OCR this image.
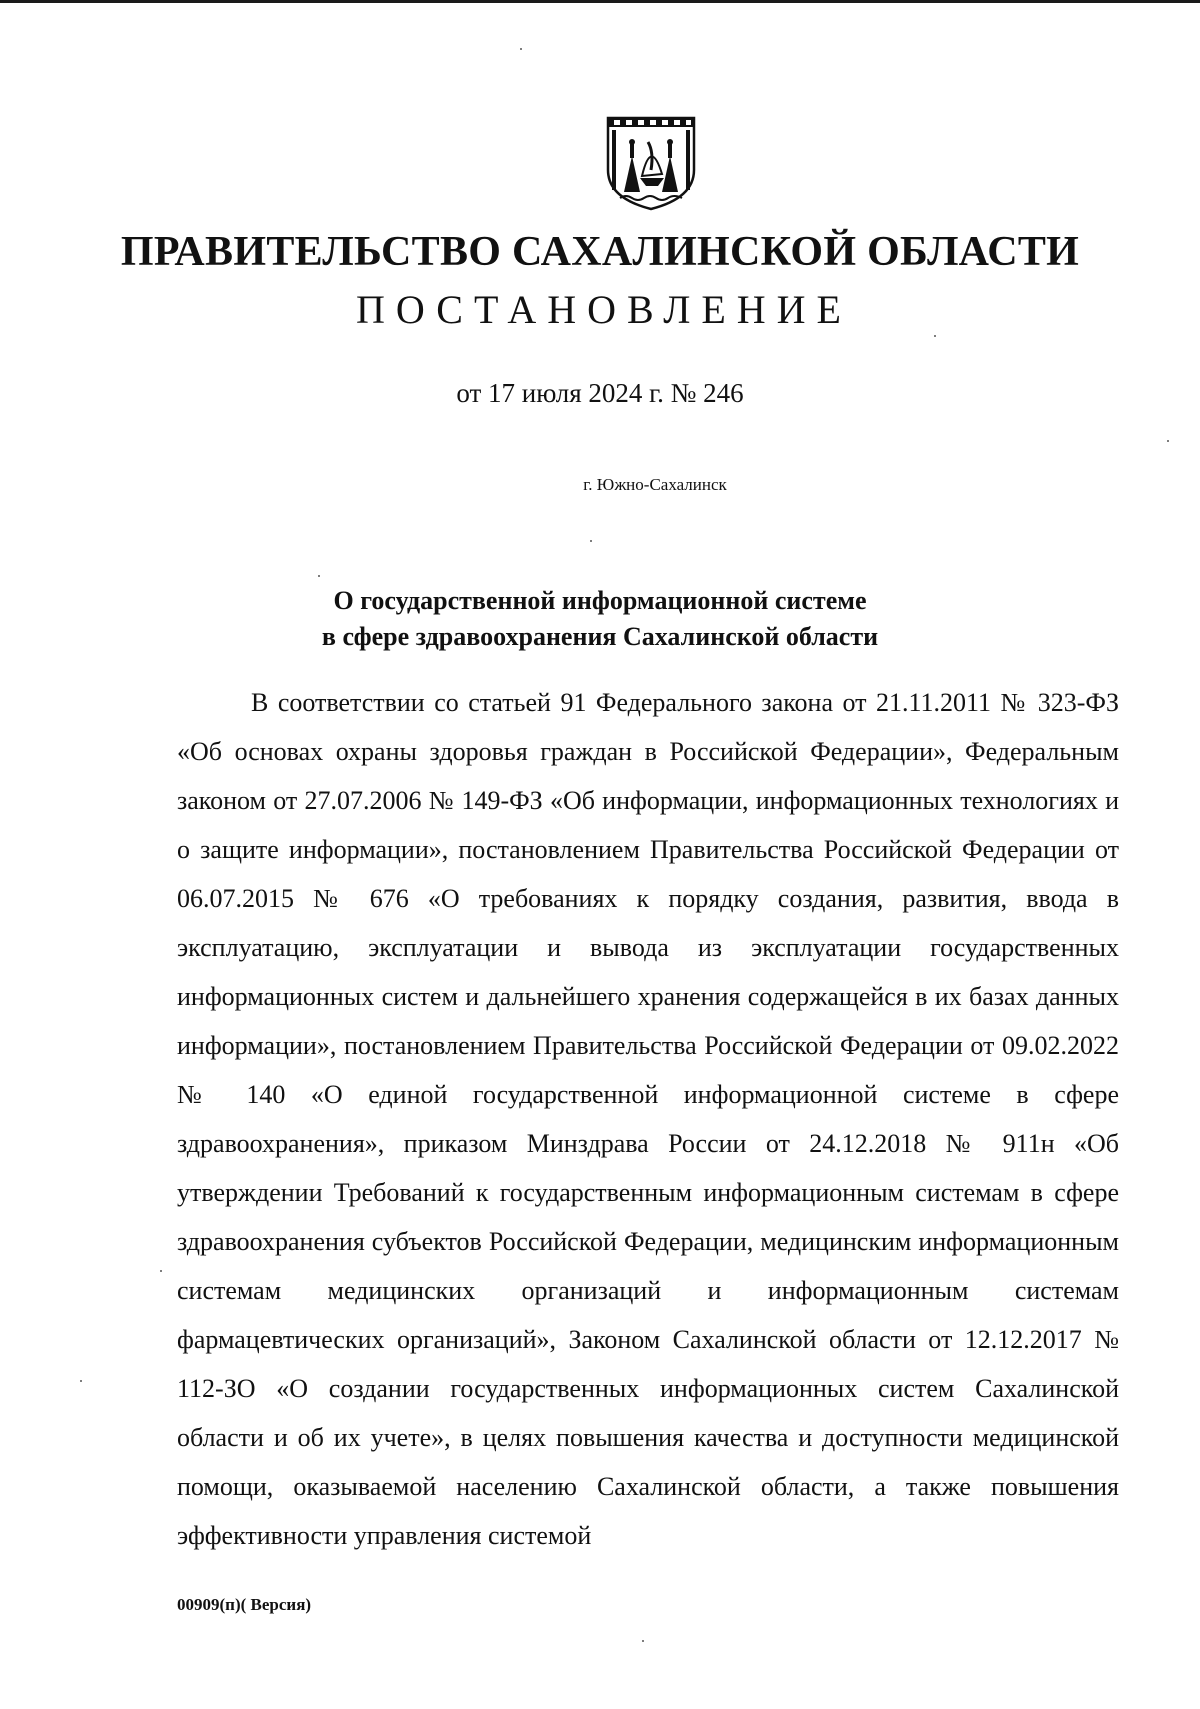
ПРАВИТЕЛЬСТВО САХАЛИНСКОЙ ОБЛАСТИ
ПОСТАНОВЛЕНИЕ
от 17 июля 2024 г. № 246
г. Южно-Сахалинск
О государственной информационной системе
в сфере здравоохранения Сахалинской области

В соответствии со статьей 91 Федерального закона от 21.11.2011 № 323-ФЗ «Об основах охраны здоровья граждан в Российской Федерации», Федеральным законом от 27.07.2006 № 149-ФЗ «Об информации, информационных технологиях и о защите информации», постановлением Правительства Российской Федерации от 06.07.2015 № 676 «О требованиях к порядку создания, развития, ввода в эксплуатацию, эксплуатации и вывода из эксплуатации государственных информационных систем и дальнейшего хранения содержащейся в их базах данных информации», постановлением Правительства Российской Федерации от 09.02.2022 № 140 «О единой государственной информационной системе в сфере здравоохранения», приказом Минздрава России от 24.12.2018 № 911н «Об утверждении Требований к государственным информационным системам в сфере здравоохранения субъектов Российской Федерации, медицинским информационным системам медицинских организаций и информационным системам фармацевтических организаций», Законом Сахалинской области от 12.12.2017 № 112-ЗО «О создании государственных информационных систем Сахалинской области и об их учете», в целях повышения качества и доступности медицинской помощи, оказываемой населению Сахалинской области, а также повышения эффективности управления системой

00909(п)( Версия)
